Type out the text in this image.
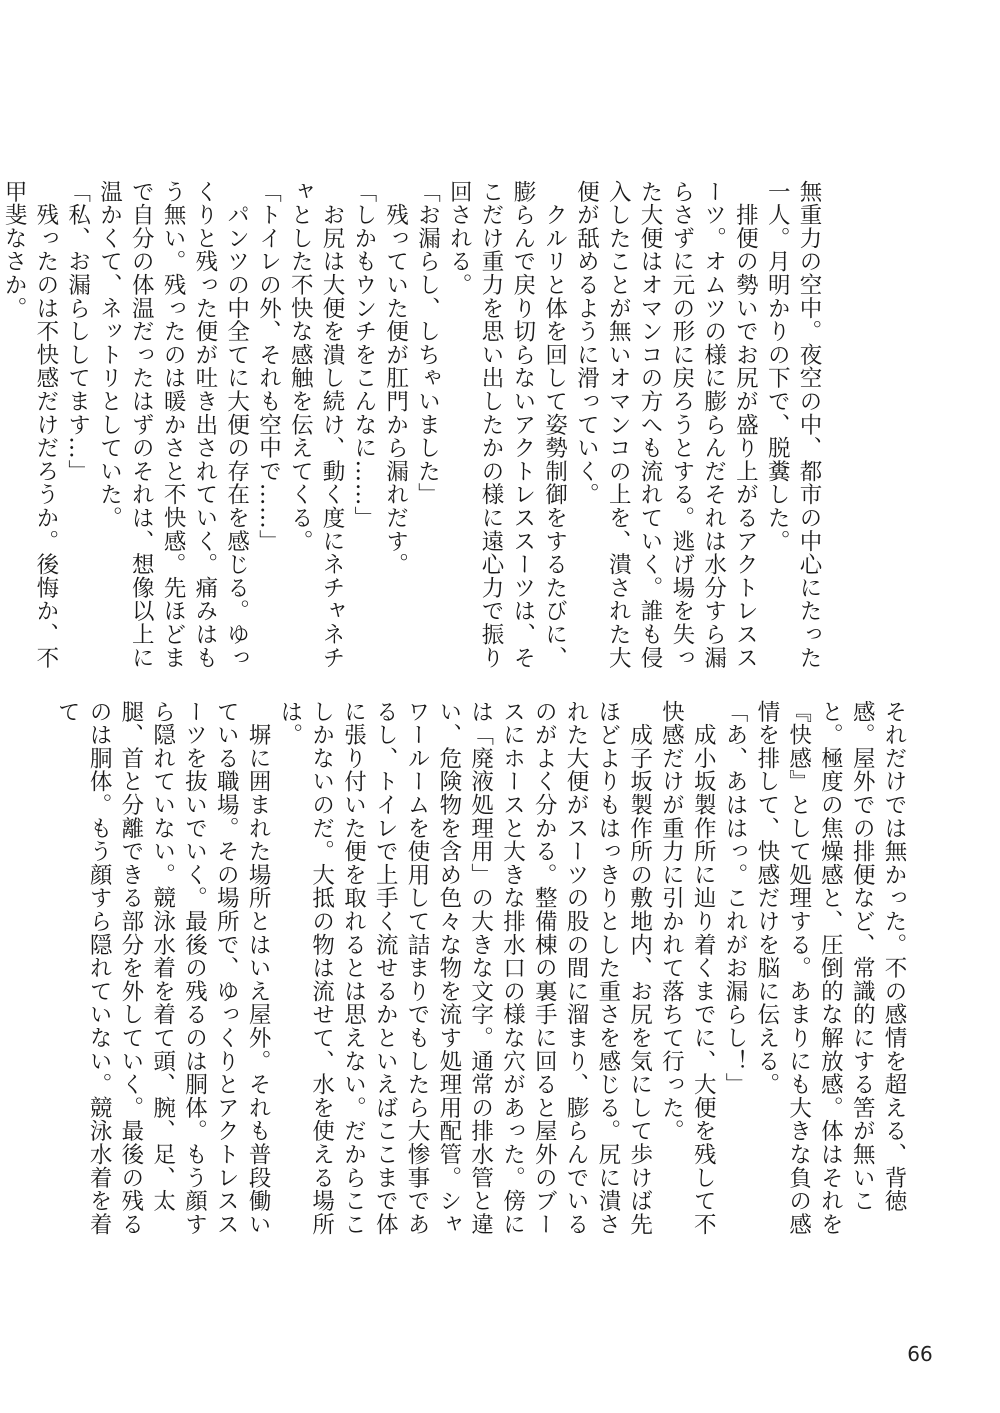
無重力の空中。夜空の中、都市の中心にたった一人。月明かりの下で、脱糞した。

　排便の勢いでお尻が盛り上がるアクトレススーツ。オムツの様に膨らんだそれは水分すら漏らさずに元の形に戻ろうとする。逃げ場を失った大便はオマンコの方へも流れていく。誰も侵入したことが無いオマンコの上を、潰された大便が舐めるように滑っていく。

　クルリと体を回して姿勢制御をするたびに、膨らんで戻り切らないアクトレススーツは、そこだけ重力を思い出したかの様に遠心力で振り回される。

「お漏らし、しちゃいました」

　残っていた便が肛門から漏れだす。

「しかもウンチをこんなに……」

　お尻は大便を潰し続け、動く度にネチャネチャとした不快な感触を伝えてくる。

「トイレの外、それも空中で……」

　パンツの中全てに大便の存在を感じる。ゆっくりと残った便が吐き出されていく。痛みはもう無い。残ったのは暖かさと不快感。先ほどまで自分の体温だったはずのそれは、想像以上に温かくて、ネットリとしていた。

「私、お漏らししてます…」

　残ったのは不快感だけだろうか。後悔か、不甲斐なさか。

それだけでは無かった。不の感情を超える、背徳感。屋外での排便など、常識的にする筈が無いこと。極度の焦燥感と、圧倒的な解放感。体はそれを『快感』として処理する。あまりにも大きな負の感情を排して、快感だけを脳に伝える。

「あ、あははっ。これがお漏らし！」

　成小坂製作所に辿り着くまでに、大便を残して不快感だけが重力に引かれて落ちて行った。

　成子坂製作所の敷地内、お尻を気にして歩けば先ほどよりもはっきりとした重さを感じる。尻に潰された大便がスーツの股の間に溜まり、膨らんでいるのがよく分かる。整備棟の裏手に回ると屋外のブースにホースと大きな排水口の様な穴があった。傍には「廃液処理用」の大きな文字。通常の排水管と違い、危険物を含め色々な物を流す処理用配管。シャワールームを使用して詰まりでもしたら大惨事であるし、トイレで上手く流せるかといえばここまで体に張り付いた便を取れるとは思えない。だからここしかないのだ。大抵の物は流せて、水を使える場所は。

　塀に囲まれた場所とはいえ屋外。それも普段働いている職場。その場所で、ゆっくりとアクトレススーツを抜いでいく。最後の残るのは胴体。もう顔すら隠れていない。競泳水着を着て頭、腕、足、太腿、首と分離できる部分を外していく。最後の残るのは胴体。もう顔すら隠れていない。競泳水着を着て

66
